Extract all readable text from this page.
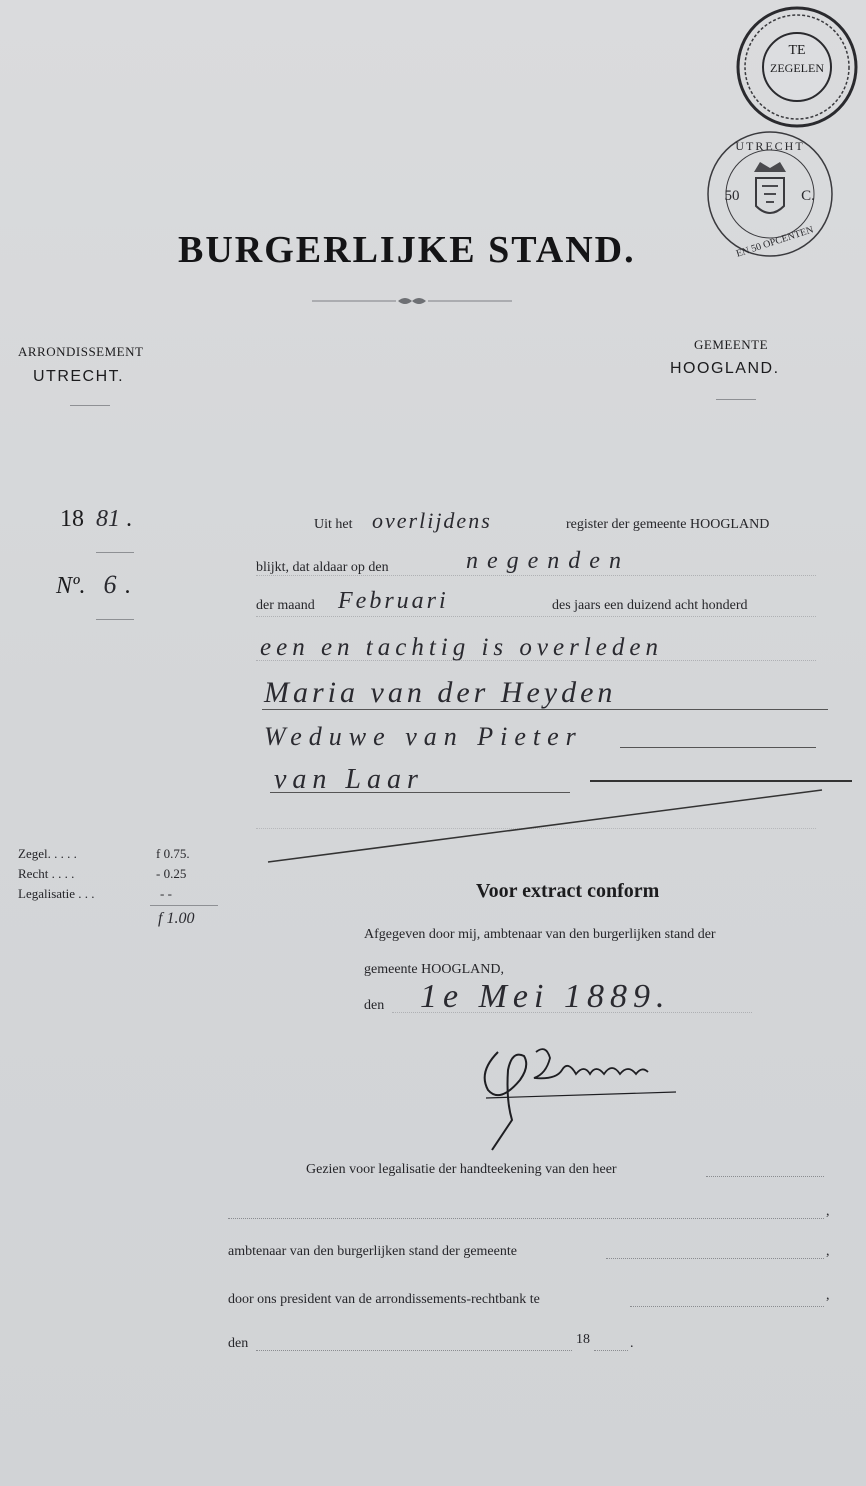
TE
ZEGELEN
UTRECHT
50	C.
EN 50 OPCENTEN
BURGERLIJKE STAND.
ARRONDISSEMENT
UTRECHT.
GEMEENTE
HOOGLAND.
18 81 .
Nº. 6 .
Uit het overlijdens	register der gemeente HOOGLAND
blijkt, dat aldaar op den	negenden
der maand Februari	des jaars een duizend acht honderd
een en tachtig is overleden
Maria van der Heyden
Weduwe van Pieter
van Laar
Zegel. . . . .	f 0.75.
Recht . . . .	- 0.25
Legalisatie . . .	- -
f 1.00
Voor extract conform
Afgegeven door mij, ambtenaar van den burgerlijken stand der
gemeente HOOGLAND,
den 1e Mei 1889.
Gezien voor legalisatie der handteekening van den heer
,
ambtenaar van den burgerlijken stand der gemeente	,
door ons president van de arrondissements-rechtbank te	,
den	18	.
